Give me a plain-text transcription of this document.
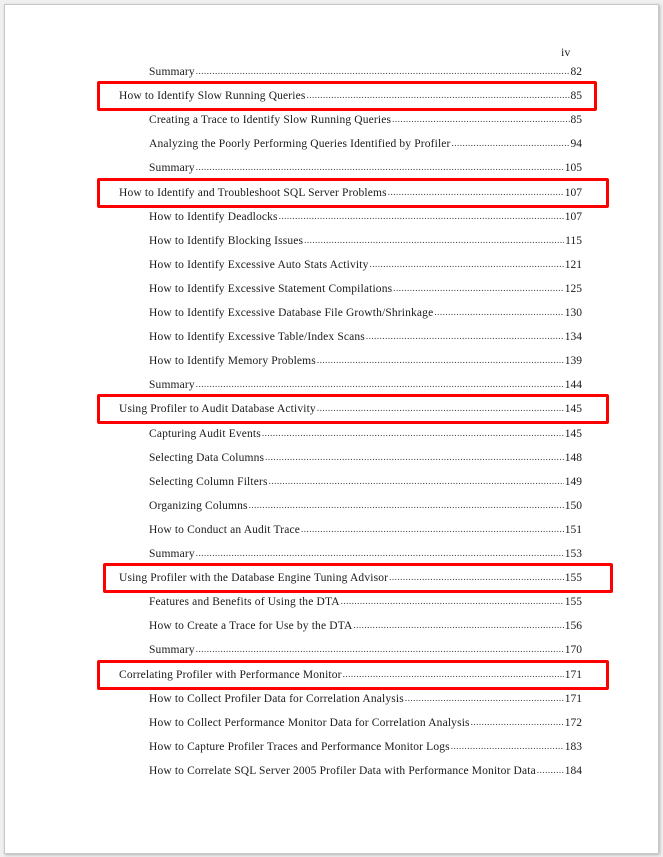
iv
Summary .....	82
How to Identify Slow Running Queries .....	85
Creating a Trace to Identify Slow Running Queries .....	85
Analyzing the Poorly Performing Queries Identified by Profiler .....	94
Summary .....	105
How to Identify and Troubleshoot SQL Server Problems .....	107
How to Identify Deadlocks .....	107
How to Identify Blocking Issues .....	115
How to Identify Excessive Auto Stats Activity .....	121
How to Identify Excessive Statement Compilations .....	125
How to Identify Excessive Database File Growth/Shrinkage .....	130
How to Identify Excessive Table/Index Scans .....	134
How to Identify Memory Problems .....	139
Summary .....	144
Using Profiler to Audit Database Activity .....	145
Capturing Audit Events .....	145
Selecting Data Columns .....	148
Selecting Column Filters .....	149
Organizing Columns .....	150
How to Conduct an Audit Trace .....	151
Summary .....	153
Using Profiler with the Database Engine Tuning Advisor .....	155
Features and Benefits of Using the DTA .....	155
How to Create a Trace for Use by the DTA .....	156
Summary .....	170
Correlating Profiler with Performance Monitor .....	171
How to Collect Profiler Data for Correlation Analysis .....	171
How to Collect Performance Monitor Data for Correlation Analysis .....	172
How to Capture Profiler Traces and Performance Monitor Logs .....	183
How to Correlate SQL Server 2005 Profiler Data with Performance Monitor Data .....	184
